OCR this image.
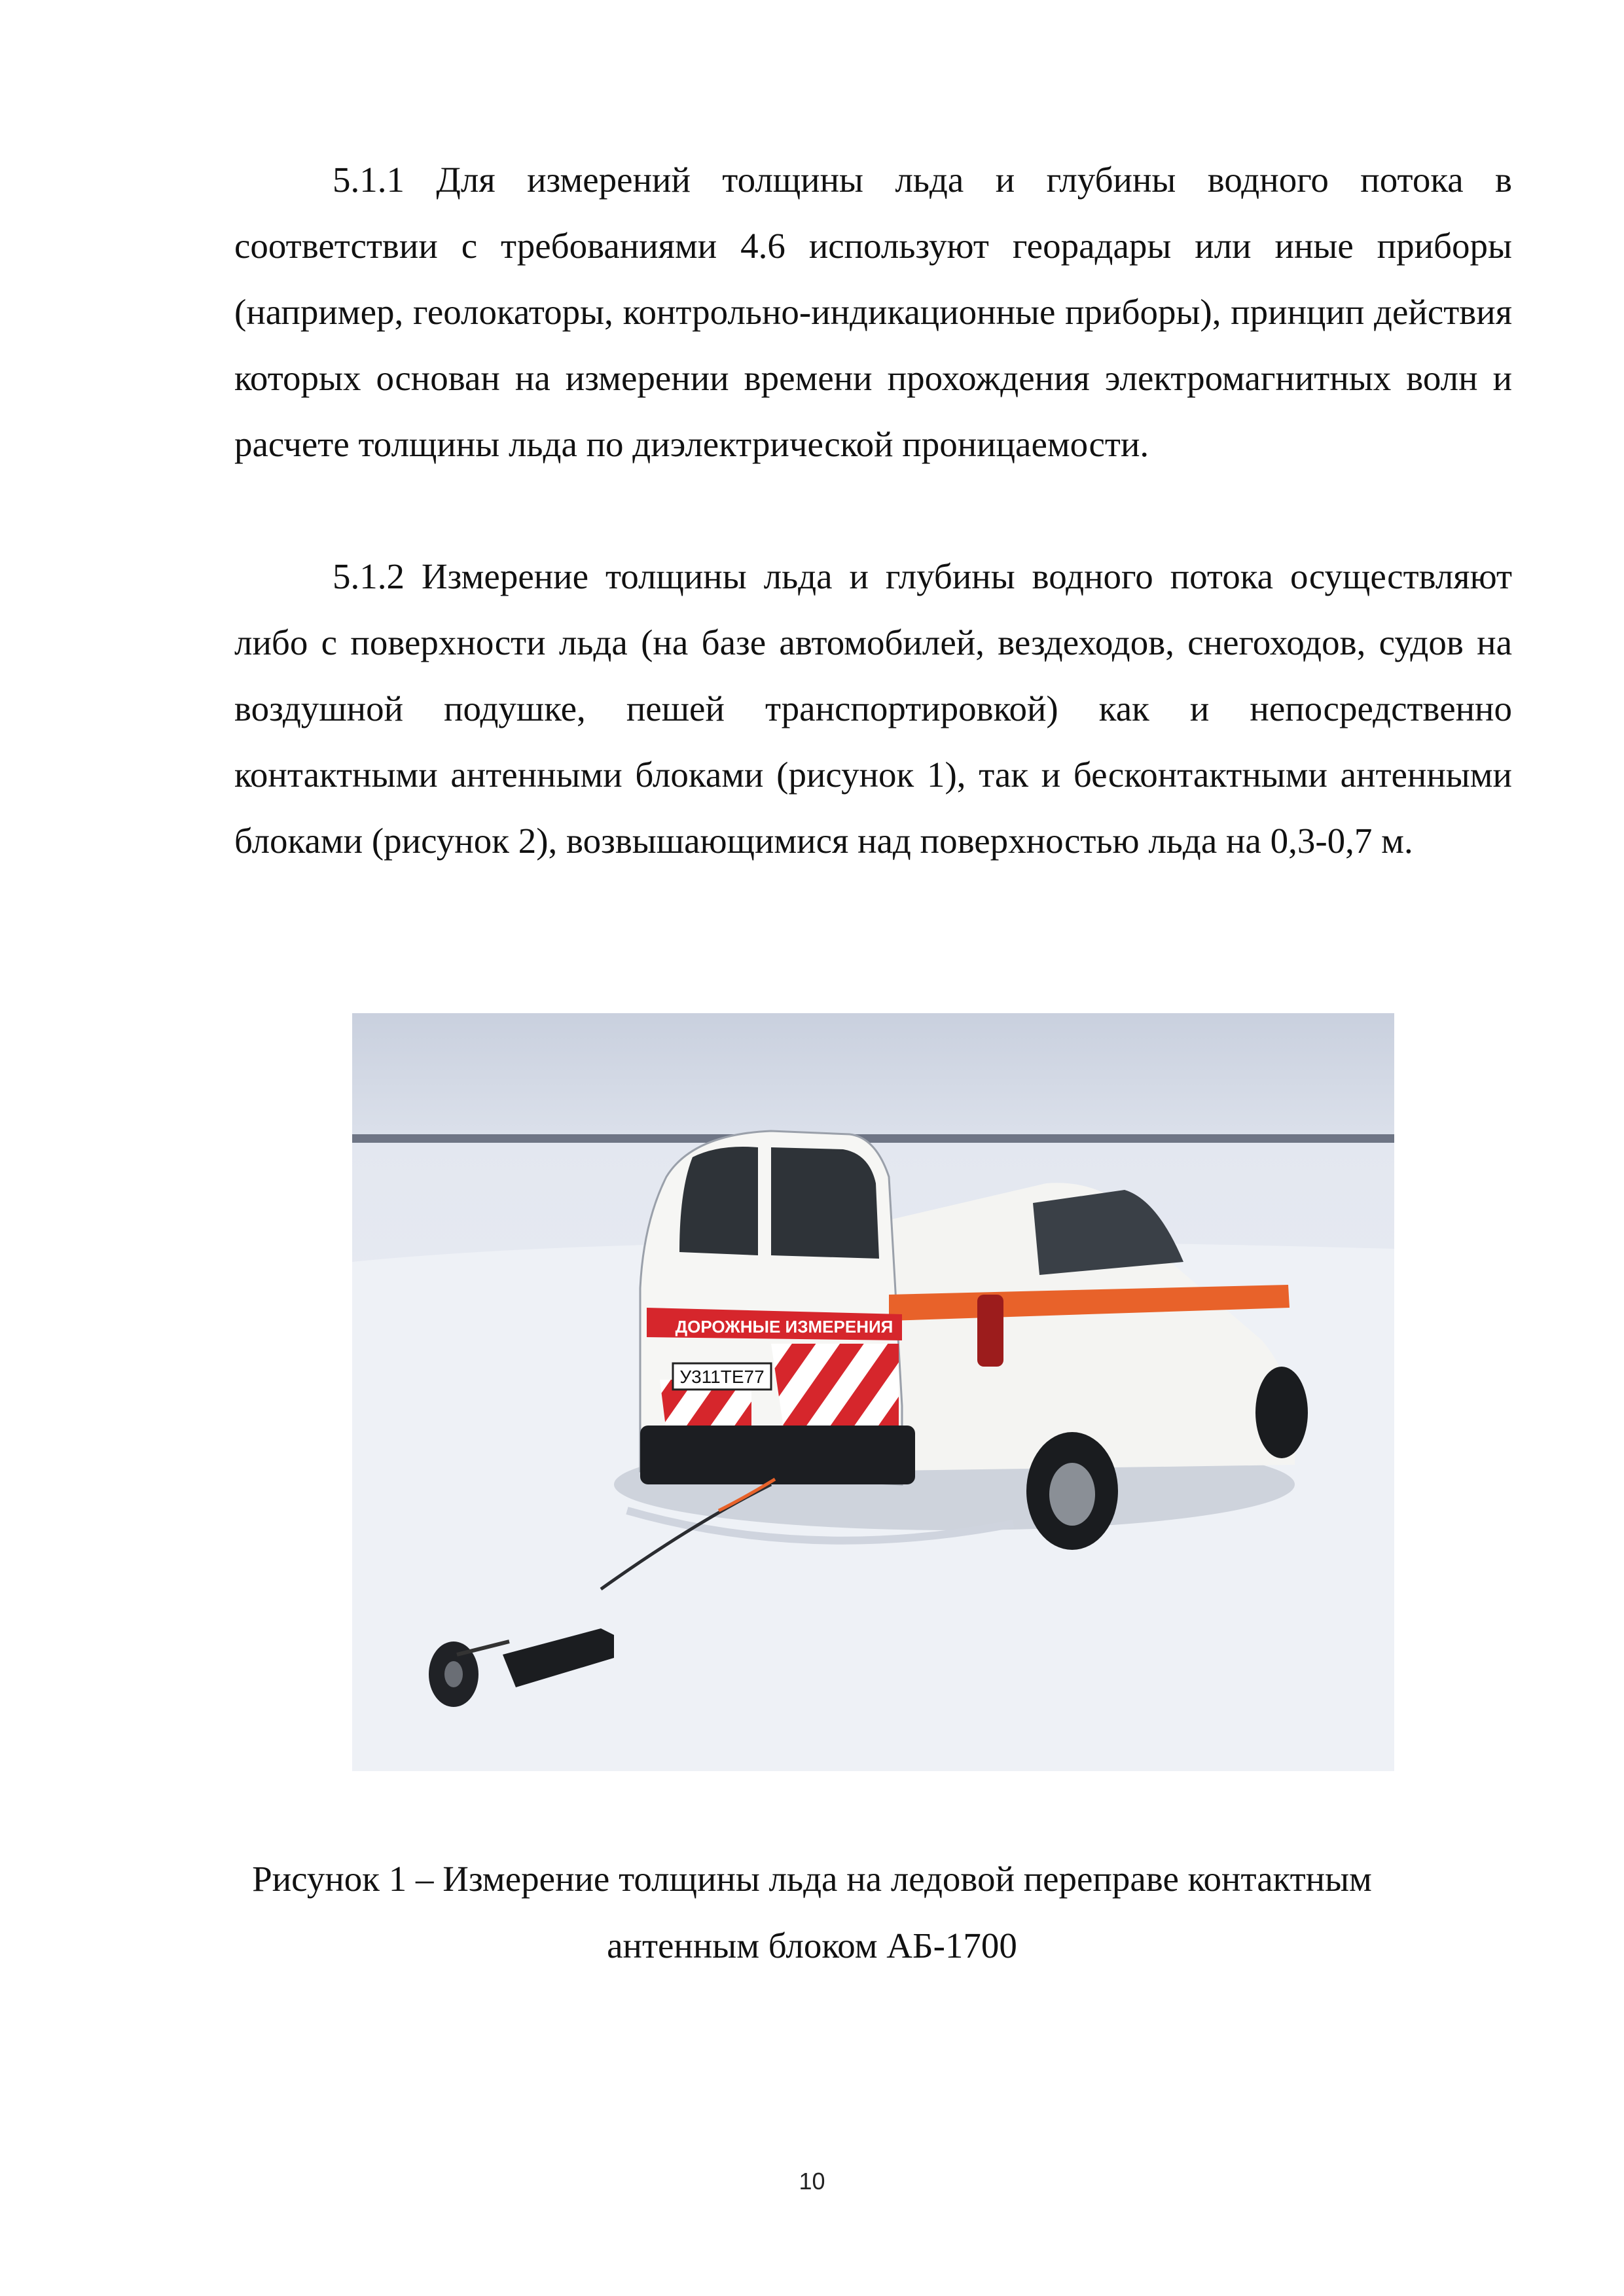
5.1.1 Для измерений толщины льда и глубины водного потока в соответствии с требованиями 4.6 используют георадары или иные приборы (например, геолокаторы, контрольно-индикационные приборы), принцип действия которых основан на измерении времени прохождения электромагнитных волн и расчете толщины льда по диэлектрической проницаемости.

5.1.2 Измерение толщины льда и глубины водного потока осуществляют либо с поверхности льда (на базе автомобилей, вездеходов, снегоходов, судов на воздушной подушке, пешей транспортировкой) как и непосредственно контактными антенными блоками (рисунок 1), так и бесконтактными антенными блоками (рисунок 2), возвышающимися над поверхностью льда на 0,3-0,7 м.

ДОРОЖНЫЕ ИЗМЕРЕНИЯ
У311ТЕ77
Рисунок 1 – Измерение толщины льда на ледовой переправе контактным
антенным блоком АБ-1700
10
